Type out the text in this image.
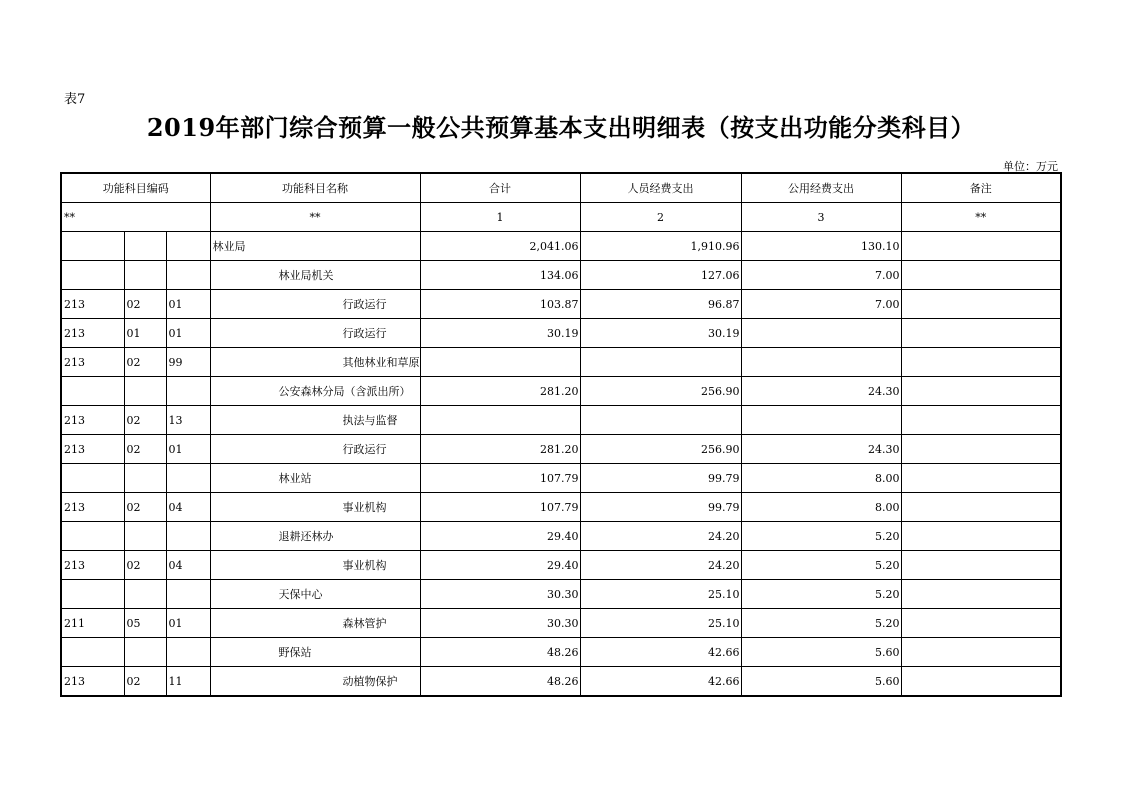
表7
2019年部门综合预算一般公共预算基本支出明细表（按支出功能分类科目）
单位：万元
功能科目编码			功能科目名称	合计	人员经费支出	公用经费支出	备注
**			**	1	2	3	**
			林业局	2,041.06	1,910.96	130.10	
			林业局机关	134.06	127.06	7.00	
213	02	01	行政运行	103.87	96.87	7.00	
213	01	01	行政运行	30.19	30.19		
213	02	99	其他林业和草原				
			公安森林分局（含派出所）	281.20	256.90	24.30	
213	02	13	执法与监督				
213	02	01	行政运行	281.20	256.90	24.30	
			林业站	107.79	99.79	8.00	
213	02	04	事业机构	107.79	99.79	8.00	
			退耕还林办	29.40	24.20	5.20	
213	02	04	事业机构	29.40	24.20	5.20	
			天保中心	30.30	25.10	5.20	
211	05	01	森林管护	30.30	25.10	5.20	
			野保站	48.26	42.66	5.60	
213	02	11	动植物保护	48.26	42.66	5.60	
